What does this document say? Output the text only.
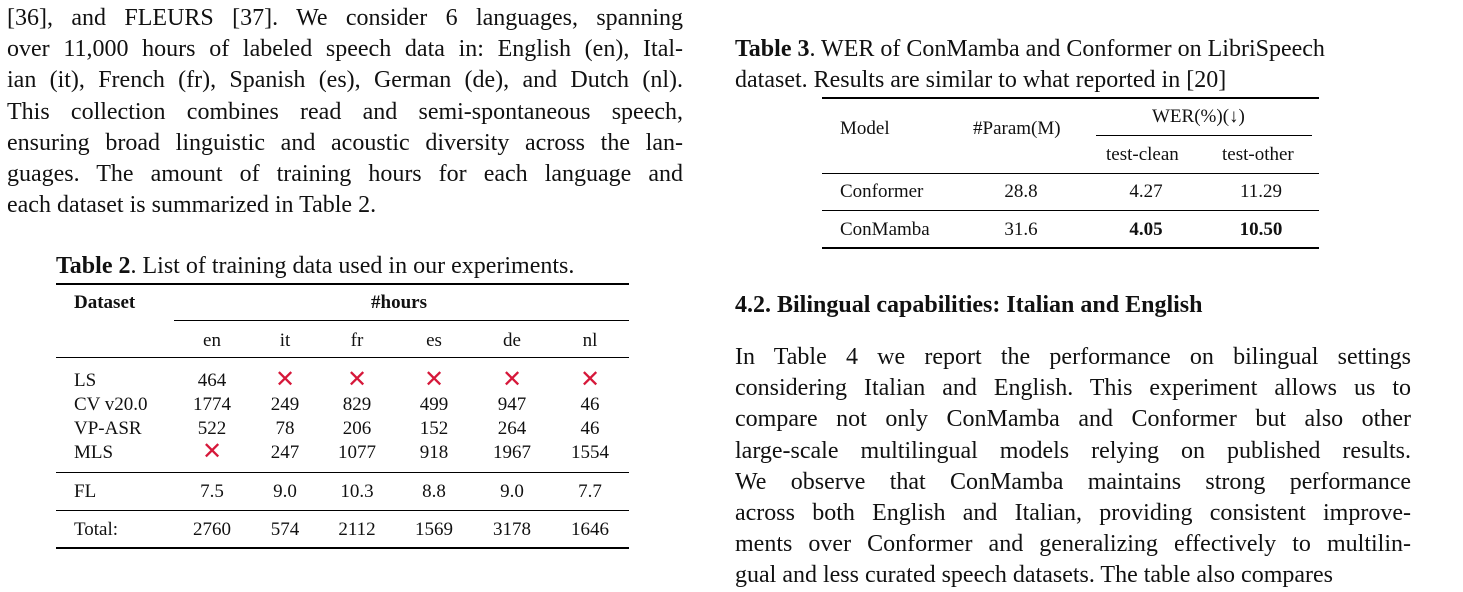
[36], and FLEURS [37]. We consider 6 languages, spanning
over 11,000 hours of labeled speech data in: English (en), Ital-
ian (it), French (fr), Spanish (es), German (de), and Dutch (nl).
This collection combines read and semi-spontaneous speech,
ensuring broad linguistic and acoustic diversity across the lan-
guages. The amount of training hours for each language and
each dataset is summarized in Table 2.

Table 2. List of training data used in our experiments.
Dataset	#hours
en	it	fr	es	de	nl
LS	464	✕	✕	✕	✕	✕
CV v20.0	1774	249	829	499	947	46
VP-ASR	522	78	206	152	264	46
MLS	✕	247	1077	918	1967	1554
FL	7.5	9.0	10.3	8.8	9.0	7.7
Total:	2760	574	2112	1569	3178	1646
Table 3. WER of ConMamba and Conformer on LibriSpeech
dataset. Results are similar to what reported in [20]
Model	#Param(M)
WER(%)(↓)
test-clean test-other
Conformer	28.8	4.27	11.29
ConMamba	31.6	4.05	10.50
4.2. Bilingual capabilities: Italian and English

In Table 4 we report the performance on bilingual settings
considering Italian and English. This experiment allows us to
compare not only ConMamba and Conformer but also other
large-scale multilingual models relying on published results.
We observe that ConMamba maintains strong performance
across both English and Italian, providing consistent improve-
ments over Conformer and generalizing effectively to multilin-
gual and less curated speech datasets. The table also compares
